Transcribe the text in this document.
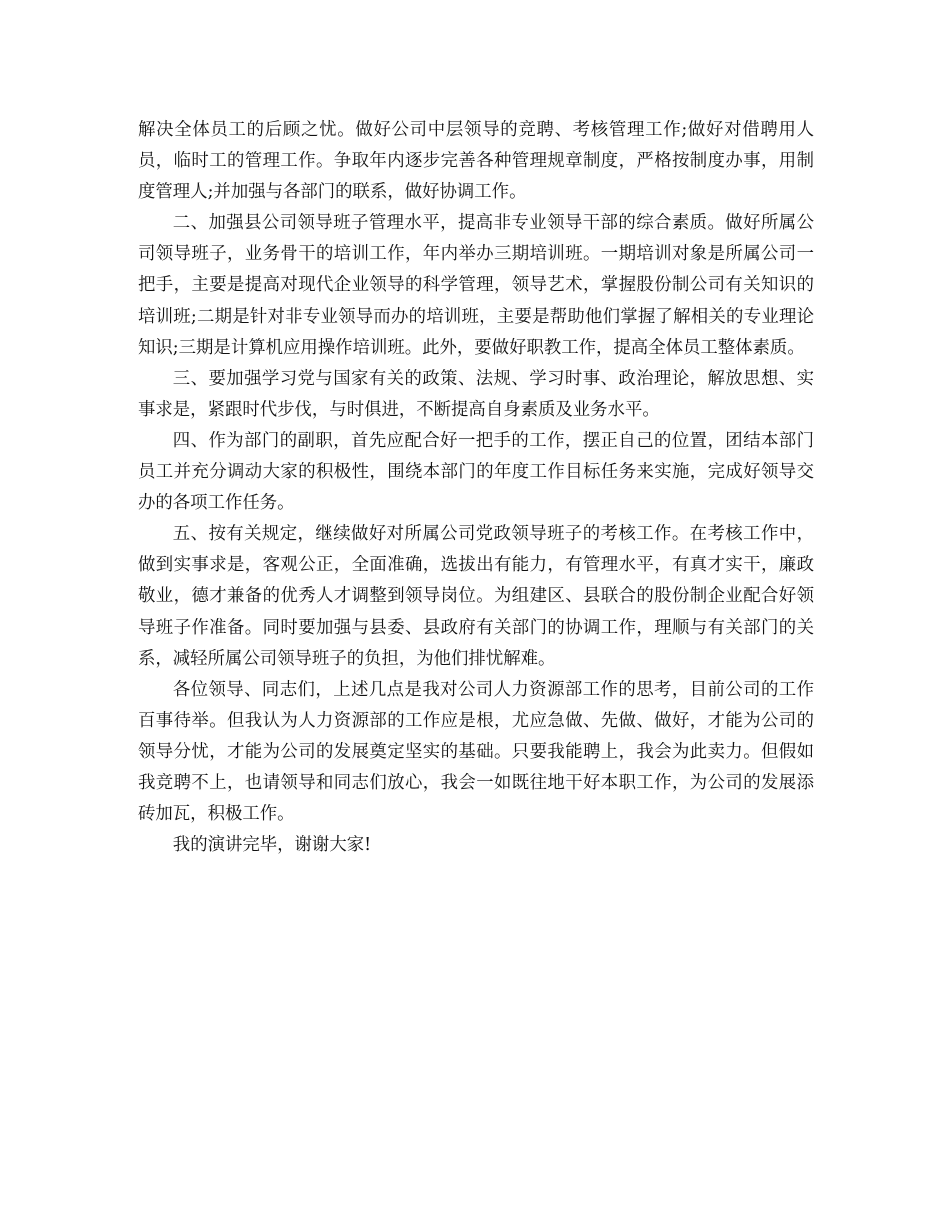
解决全体员工的后顾之忧。做好公司中层领导的竞聘、考核管理工作;做好对借聘用人员，临时工的管理工作。争取年内逐步完善各种管理规章制度，严格按制度办事，用制度管理人;并加强与各部门的联系，做好协调工作。

二、加强县公司领导班子管理水平，提高非专业领导干部的综合素质。做好所属公司领导班子，业务骨干的培训工作，年内举办三期培训班。一期培训对象是所属公司一把手，主要是提高对现代企业领导的科学管理，领导艺术，掌握股份制公司有关知识的培训班;二期是针对非专业领导而办的培训班，主要是帮助他们掌握了解相关的专业理论知识;三期是计算机应用操作培训班。此外，要做好职教工作，提高全体员工整体素质。

三、要加强学习党与国家有关的政策、法规、学习时事、政治理论，解放思想、实事求是，紧跟时代步伐，与时俱进，不断提高自身素质及业务水平。

四、作为部门的副职，首先应配合好一把手的工作，摆正自己的位置，团结本部门员工并充分调动大家的积极性，围绕本部门的年度工作目标任务来实施，完成好领导交办的各项工作任务。

五、按有关规定，继续做好对所属公司党政领导班子的考核工作。在考核工作中，做到实事求是，客观公正，全面准确，选拔出有能力，有管理水平，有真才实干，廉政敬业，德才兼备的优秀人才调整到领导岗位。为组建区、县联合的股份制企业配合好领导班子作准备。同时要加强与县委、县政府有关部门的协调工作，理顺与有关部门的关系，减轻所属公司领导班子的负担，为他们排忧解难。

各位领导、同志们，上述几点是我对公司人力资源部工作的思考，目前公司的工作百事待举。但我认为人力资源部的工作应是根，尤应急做、先做、做好，才能为公司的领导分忧，才能为公司的发展奠定坚实的基础。只要我能聘上，我会为此卖力。但假如我竞聘不上，也请领导和同志们放心，我会一如既往地干好本职工作，为公司的发展添砖加瓦，积极工作。

我的演讲完毕，谢谢大家!
